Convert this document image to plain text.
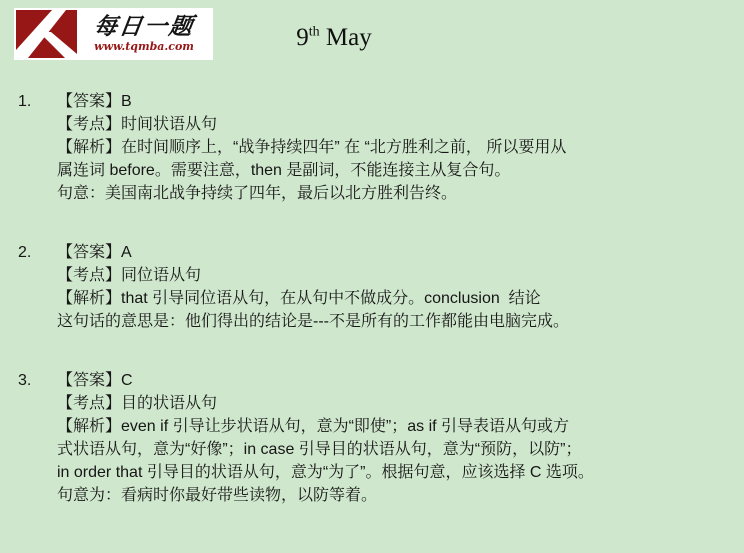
每日一题
www.tqmba.com	9th May
1. 【答案】B
【考点】时间状语从句
【解析】在时间顺序上，“战争持续四年” 在 “北方胜利之前， 所以要用从
属连词 before。需要注意，then 是副词，不能连接主从复合句。
句意：美国南北战争持续了四年，最后以北方胜利告终。
2. 【答案】A
【考点】同位语从句
【解析】that 引导同位语从句，在从句中不做成分。conclusion  结论
这句话的意思是：他们得出的结论是---不是所有的工作都能由电脑完成。
3. 【答案】C
【考点】目的状语从句
【解析】even if 引导让步状语从句，意为“即使”；as if 引导表语从句或方
式状语从句，意为“好像”；in case 引导目的状语从句，意为“预防，以防”；
in order that 引导目的状语从句，意为“为了”。根据句意，应该选择 C 选项。
句意为：看病时你最好带些读物，以防等着。
